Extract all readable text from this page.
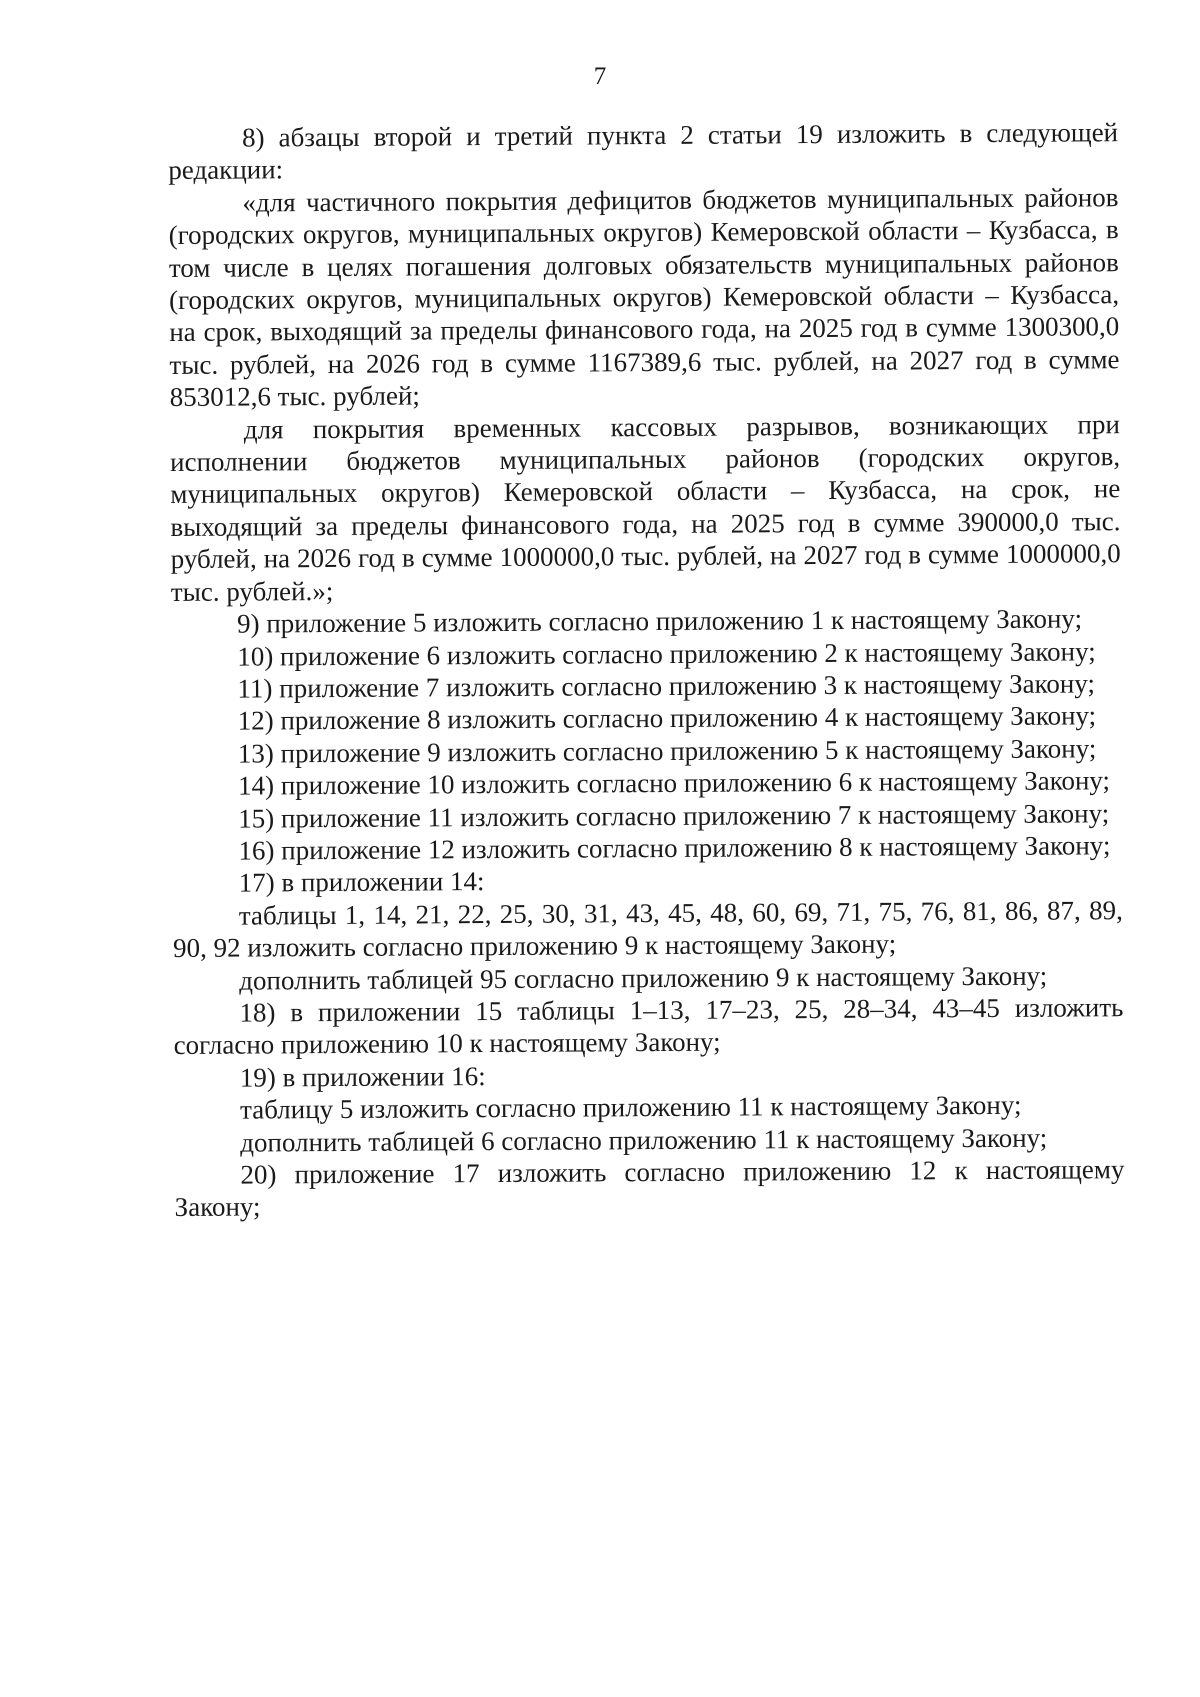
7

8) абзацы второй и третий пункта 2 статьи 19 изложить в следующей редакции:

«для частичного покрытия дефицитов бюджетов муниципальных районов (городских округов, муниципальных округов) Кемеровской области – Кузбасса, в том числе в целях погашения долговых обязательств муниципальных районов (городских округов, муниципальных округов) Кемеровской области – Кузбасса, на срок, выходящий за пределы финансового года, на 2025 год в сумме 1300300,0 тыс. рублей, на 2026 год в сумме 1167389,6 тыс. рублей, на 2027 год в сумме 853012,6 тыс. рублей;

для покрытия временных кассовых разрывов, возникающих при исполнении бюджетов муниципальных районов (городских округов, муниципальных округов) Кемеровской области – Кузбасса, на срок, не выходящий за пределы финансового года, на 2025 год в сумме 390000,0 тыс. рублей, на 2026 год в сумме 1000000,0 тыс. рублей, на 2027 год в сумме 1000000,0 тыс. рублей.»;

9) приложение 5 изложить согласно приложению 1 к настоящему Закону;

10) приложение 6 изложить согласно приложению 2 к настоящему Закону;

11) приложение 7 изложить согласно приложению 3 к настоящему Закону;

12) приложение 8 изложить согласно приложению 4 к настоящему Закону;

13) приложение 9 изложить согласно приложению 5 к настоящему Закону;

14) приложение 10 изложить согласно приложению 6 к настоящему Закону;

15) приложение 11 изложить согласно приложению 7 к настоящему Закону;

16) приложение 12 изложить согласно приложению 8 к настоящему Закону;

17) в приложении 14:

таблицы 1, 14, 21, 22, 25, 30, 31, 43, 45, 48, 60, 69, 71, 75, 76, 81, 86, 87, 89, 90, 92 изложить согласно приложению 9 к настоящему Закону;

дополнить таблицей 95 согласно приложению 9 к настоящему Закону;

18) в приложении 15 таблицы 1–13, 17–23, 25, 28–34, 43–45 изложить согласно приложению 10 к настоящему Закону;

19) в приложении 16:

таблицу 5 изложить согласно приложению 11 к настоящему Закону;

дополнить таблицей 6 согласно приложению 11 к настоящему Закону;

20) приложение 17 изложить согласно приложению 12 к настоящему Закону;
